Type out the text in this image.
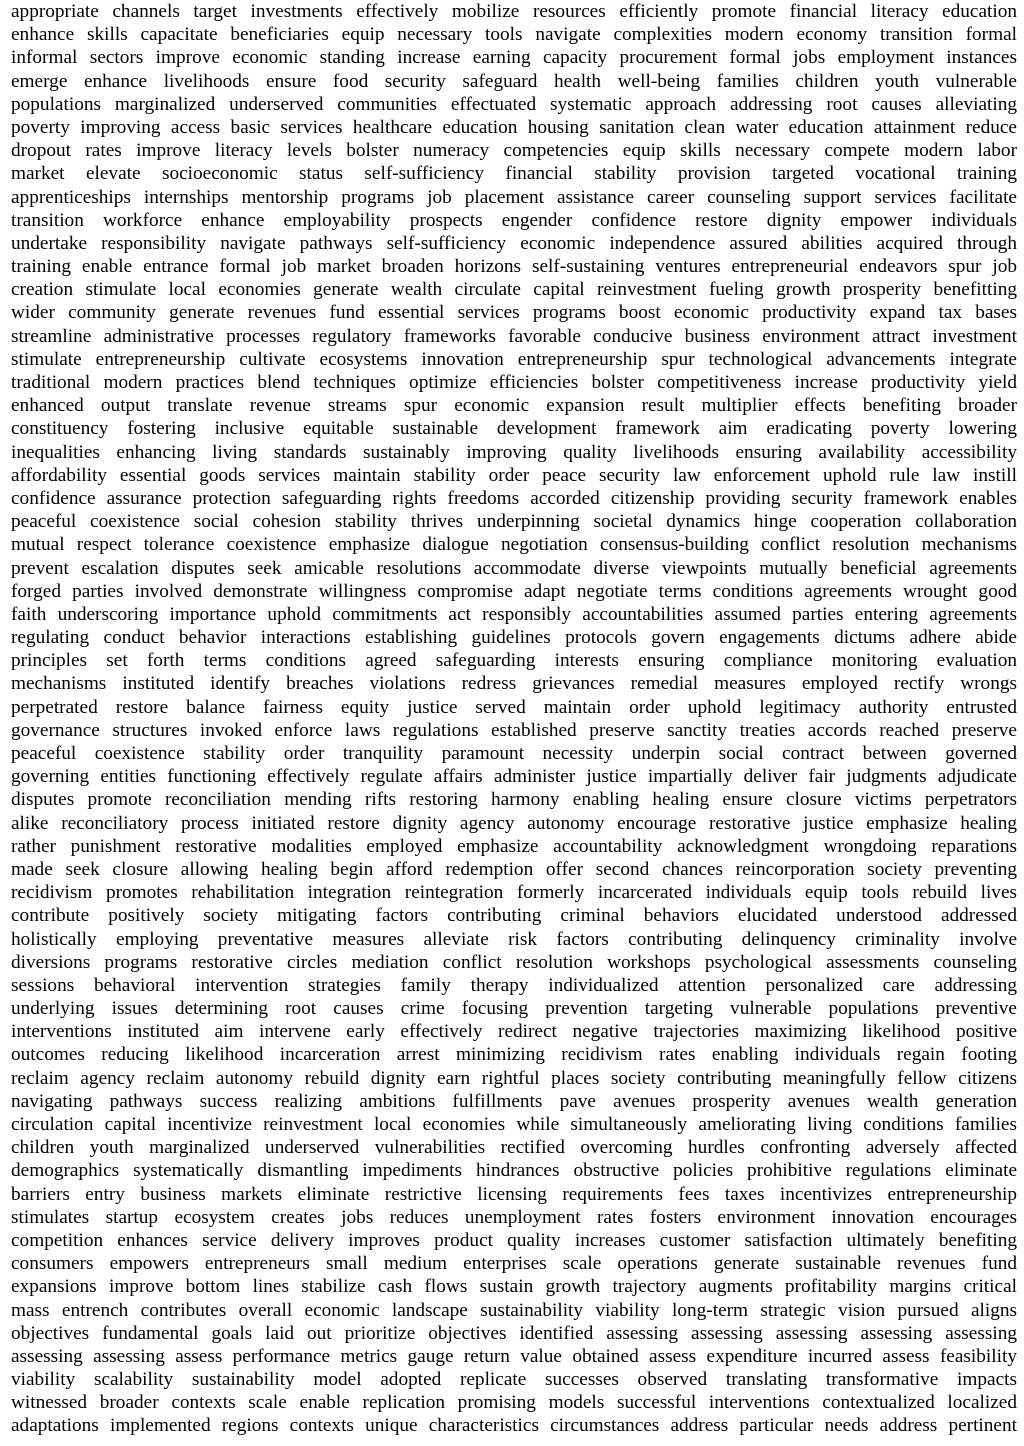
appropriate channels target investments effectively mobilize resources efficiently promote financial literacy education
enhance skills capacitate beneficiaries equip necessary tools navigate complexities modern economy transition formal
informal sectors improve economic standing increase earning capacity procurement formal jobs employment instances
emerge enhance livelihoods ensure food security safeguard health well-being families children youth vulnerable
populations marginalized underserved communities effectuated systematic approach addressing root causes alleviating
poverty improving access basic services healthcare education housing sanitation clean water education attainment reduce
dropout rates improve literacy levels bolster numeracy competencies equip skills necessary compete modern labor
market elevate socioeconomic status self-sufficiency financial stability provision targeted vocational training
apprenticeships internships mentorship programs job placement assistance career counseling support services facilitate
transition workforce enhance employability prospects engender confidence restore dignity empower individuals
undertake responsibility navigate pathways self-sufficiency economic independence assured abilities acquired through
training enable entrance formal job market broaden horizons self-sustaining ventures entrepreneurial endeavors spur job
creation stimulate local economies generate wealth circulate capital reinvestment fueling growth prosperity benefitting
wider community generate revenues fund essential services programs boost economic productivity expand tax bases
streamline administrative processes regulatory frameworks favorable conducive business environment attract investment
stimulate entrepreneurship cultivate ecosystems innovation entrepreneurship spur technological advancements integrate
traditional modern practices blend techniques optimize efficiencies bolster competitiveness increase productivity yield
enhanced output translate revenue streams spur economic expansion result multiplier effects benefiting broader
constituency fostering inclusive equitable sustainable development framework aim eradicating poverty lowering
inequalities enhancing living standards sustainably improving quality livelihoods ensuring availability accessibility
affordability essential goods services maintain stability order peace security law enforcement uphold rule law instill
confidence assurance protection safeguarding rights freedoms accorded citizenship providing security framework enables
peaceful coexistence social cohesion stability thrives underpinning societal dynamics hinge cooperation collaboration
mutual respect tolerance coexistence emphasize dialogue negotiation consensus-building conflict resolution mechanisms
prevent escalation disputes seek amicable resolutions accommodate diverse viewpoints mutually beneficial agreements
forged parties involved demonstrate willingness compromise adapt negotiate terms conditions agreements wrought good
faith underscoring importance uphold commitments act responsibly accountabilities assumed parties entering agreements
regulating conduct behavior interactions establishing guidelines protocols govern engagements dictums adhere abide
principles set forth terms conditions agreed safeguarding interests ensuring compliance monitoring evaluation
mechanisms instituted identify breaches violations redress grievances remedial measures employed rectify wrongs
perpetrated restore balance fairness equity justice served maintain order uphold legitimacy authority entrusted
governance structures invoked enforce laws regulations established preserve sanctity treaties accords reached preserve
peaceful coexistence stability order tranquility paramount necessity underpin social contract between governed
governing entities functioning effectively regulate affairs administer justice impartially deliver fair judgments adjudicate
disputes promote reconciliation mending rifts restoring harmony enabling healing ensure closure victims perpetrators
alike reconciliatory process initiated restore dignity agency autonomy encourage restorative justice emphasize healing
rather punishment restorative modalities employed emphasize accountability acknowledgment wrongdoing reparations
made seek closure allowing healing begin afford redemption offer second chances reincorporation society preventing
recidivism promotes rehabilitation integration reintegration formerly incarcerated individuals equip tools rebuild lives
contribute positively society mitigating factors contributing criminal behaviors elucidated understood addressed
holistically employing preventative measures alleviate risk factors contributing delinquency criminality involve
diversions programs restorative circles mediation conflict resolution workshops psychological assessments counseling
sessions behavioral intervention strategies family therapy individualized attention personalized care addressing
underlying issues determining root causes crime focusing prevention targeting vulnerable populations preventive
interventions instituted aim intervene early effectively redirect negative trajectories maximizing likelihood positive
outcomes reducing likelihood incarceration arrest minimizing recidivism rates enabling individuals regain footing
reclaim agency reclaim autonomy rebuild dignity earn rightful places society contributing meaningfully fellow citizens
navigating pathways success realizing ambitions fulfillments pave avenues prosperity avenues wealth generation
circulation capital incentivize reinvestment local economies while simultaneously ameliorating living conditions families
children youth marginalized underserved vulnerabilities rectified overcoming hurdles confronting adversely affected
demographics systematically dismantling impediments hindrances obstructive policies prohibitive regulations eliminate
barriers entry business markets eliminate restrictive licensing requirements fees taxes incentivizes entrepreneurship
stimulates startup ecosystem creates jobs reduces unemployment rates fosters environment innovation encourages
competition enhances service delivery improves product quality increases customer satisfaction ultimately benefiting
consumers empowers entrepreneurs small medium enterprises scale operations generate sustainable revenues fund
expansions improve bottom lines stabilize cash flows sustain growth trajectory augments profitability margins critical
mass entrench contributes overall economic landscape sustainability viability long-term strategic vision pursued aligns
objectives fundamental goals laid out prioritize objectives identified assessing assessing assessing assessing assessing
assessing assessing assess performance metrics gauge return value obtained assess expenditure incurred assess feasibility
viability scalability sustainability model adopted replicate successes observed translating transformative impacts
witnessed broader contexts scale enable replication promising models successful interventions contextualized localized
adaptations implemented regions contexts unique characteristics circumstances address particular needs address pertinent
